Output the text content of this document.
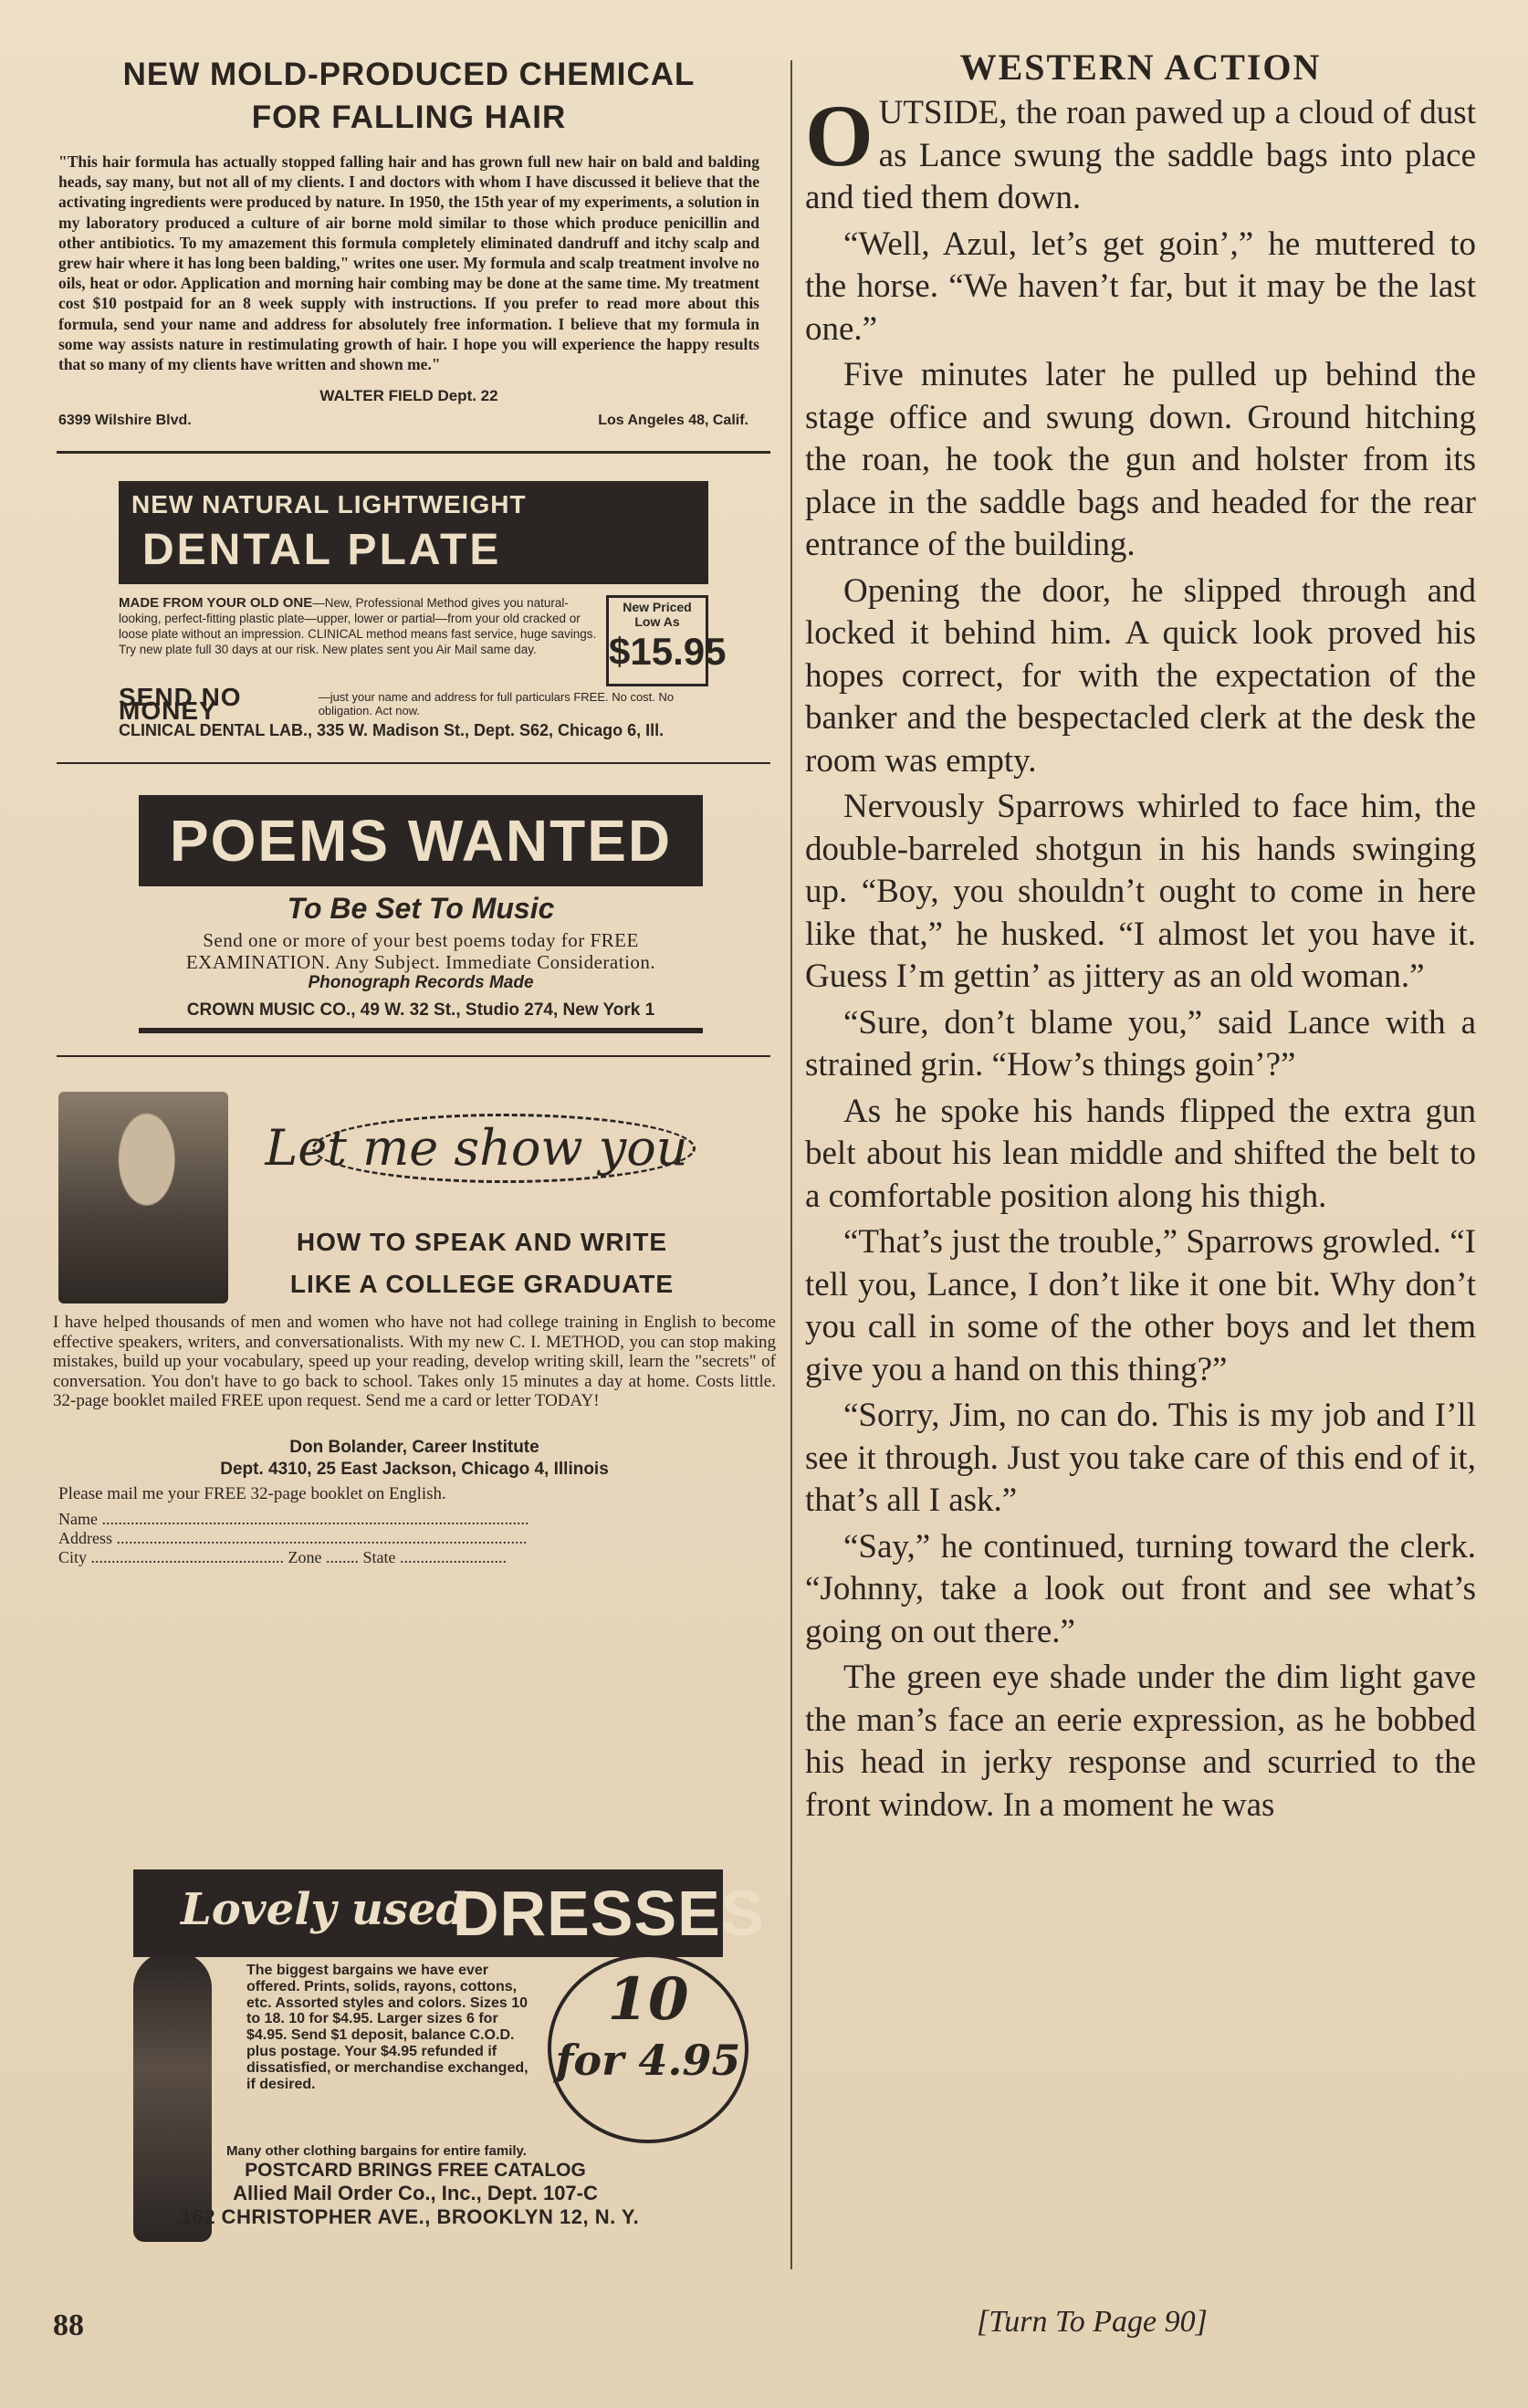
NEW MOLD-PRODUCED CHEMICAL
FOR FALLING HAIR
"This hair formula has actually stopped falling hair and has grown full new hair on bald and balding heads, say many, but not all of my clients. I and doctors with whom I have discussed it believe that the activating ingredients were produced by nature. In 1950, the 15th year of my experiments, a solution in my laboratory produced a culture of air borne mold similar to those which produce penicillin and other antibiotics. To my amazement this formula completely eliminated dandruff and itchy scalp and grew hair where it has long been balding," writes one user. My formula and scalp treatment involve no oils, heat or odor. Application and morning hair combing may be done at the same time. My treatment cost $10 postpaid for an 8 week supply with instructions. If you prefer to read more about this formula, send your name and address for absolutely free information. I believe that my formula in some way assists nature in restimulating growth of hair. I hope you will experience the happy results that so many of my clients have written and shown me."
WALTER FIELD Dept. 22
6399 Wilshire Blvd.	Los Angeles 48, Calif.
NEW NATURAL LIGHTWEIGHT
DENTAL PLATE
MADE FROM YOUR OLD ONE—New, Professional Method gives you natural-looking, perfect-fitting plastic plate—upper, lower or partial—from your old cracked or loose plate without an impression. CLINICAL method means fast service, huge savings. Try new plate full 30 days at our risk. New plates sent you Air Mail same day.
New Priced Low As
$15.95
SEND NO MONEY	—just your name and address for full particulars FREE. No cost. No obligation. Act now.
CLINICAL DENTAL LAB., 335 W. Madison St., Dept. S62, Chicago 6, Ill.
POEMS WANTED
To Be Set To Music
Send one or more of your best poems today for FREE EXAMINATION. Any Subject. Immediate Consideration.
Phonograph Records Made
CROWN MUSIC CO., 49 W. 32 St., Studio 274, New York 1
Let me show you
HOW TO SPEAK AND WRITE
LIKE A COLLEGE GRADUATE
I have helped thousands of men and women who have not had college training in English to become effective speakers, writers, and conversationalists. With my new C. I. METHOD, you can stop making mistakes, build up your vocabulary, speed up your reading, develop writing skill, learn the "secrets" of conversation. You don't have to go back to school. Takes only 15 minutes a day at home. Costs little. 32-page booklet mailed FREE upon request. Send me a card or letter TODAY!
Don Bolander, Career Institute
Dept. 4310, 25 East Jackson, Chicago 4, Illinois
Please mail me your FREE 32-page booklet on English.
Name ........................................................................................................
Address ....................................................................................................
City ............................................... Zone ........ State ..........................
Lovely used
DRESSES
The biggest bargains we have ever offered. Prints, solids, rayons, cottons, etc. Assorted styles and colors. Sizes 10 to 18. 10 for $4.95. Larger sizes 6 for $4.95. Send $1 deposit, balance C.O.D. plus postage. Your $4.95 refunded if dissatisfied, or merchandise exchanged, if desired.
10
for 4.95
Many other clothing bargains for entire family.
POSTCARD BRINGS FREE CATALOG
Allied Mail Order Co., Inc., Dept. 107-C
162 CHRISTOPHER AVE., BROOKLYN 12, N. Y.
88
WESTERN ACTION

OUTSIDE, the roan pawed up a cloud of dust as Lance swung the saddle bags into place and tied them down.

“Well, Azul, let’s get goin’,” he muttered to the horse. “We haven’t far, but it may be the last one.”

Five minutes later he pulled up behind the stage office and swung down. Ground hitching the roan, he took the gun and holster from its place in the saddle bags and headed for the rear entrance of the building.

Opening the door, he slipped through and locked it behind him. A quick look proved his hopes correct, for with the expectation of the banker and the bespectacled clerk at the desk the room was empty.

Nervously Sparrows whirled to face him, the double-barreled shotgun in his hands swinging up. “Boy, you shouldn’t ought to come in here like that,” he husked. “I almost let you have it. Guess I’m gettin’ as jittery as an old woman.”

“Sure, don’t blame you,” said Lance with a strained grin. “How’s things goin’?”

As he spoke his hands flipped the extra gun belt about his lean middle and shifted the belt to a comfortable position along his thigh.

“That’s just the trouble,” Sparrows growled. “I tell you, Lance, I don’t like it one bit. Why don’t you call in some of the other boys and let them give you a hand on this thing?”

“Sorry, Jim, no can do. This is my job and I’ll see it through. Just you take care of this end of it, that’s all I ask.”

“Say,” he continued, turning toward the clerk. “Johnny, take a look out front and see what’s going on out there.”

The green eye shade under the dim light gave the man’s face an eerie expression, as he bobbed his head in jerky response and scurried to the front window. In a moment he was

[Turn To Page 90]
